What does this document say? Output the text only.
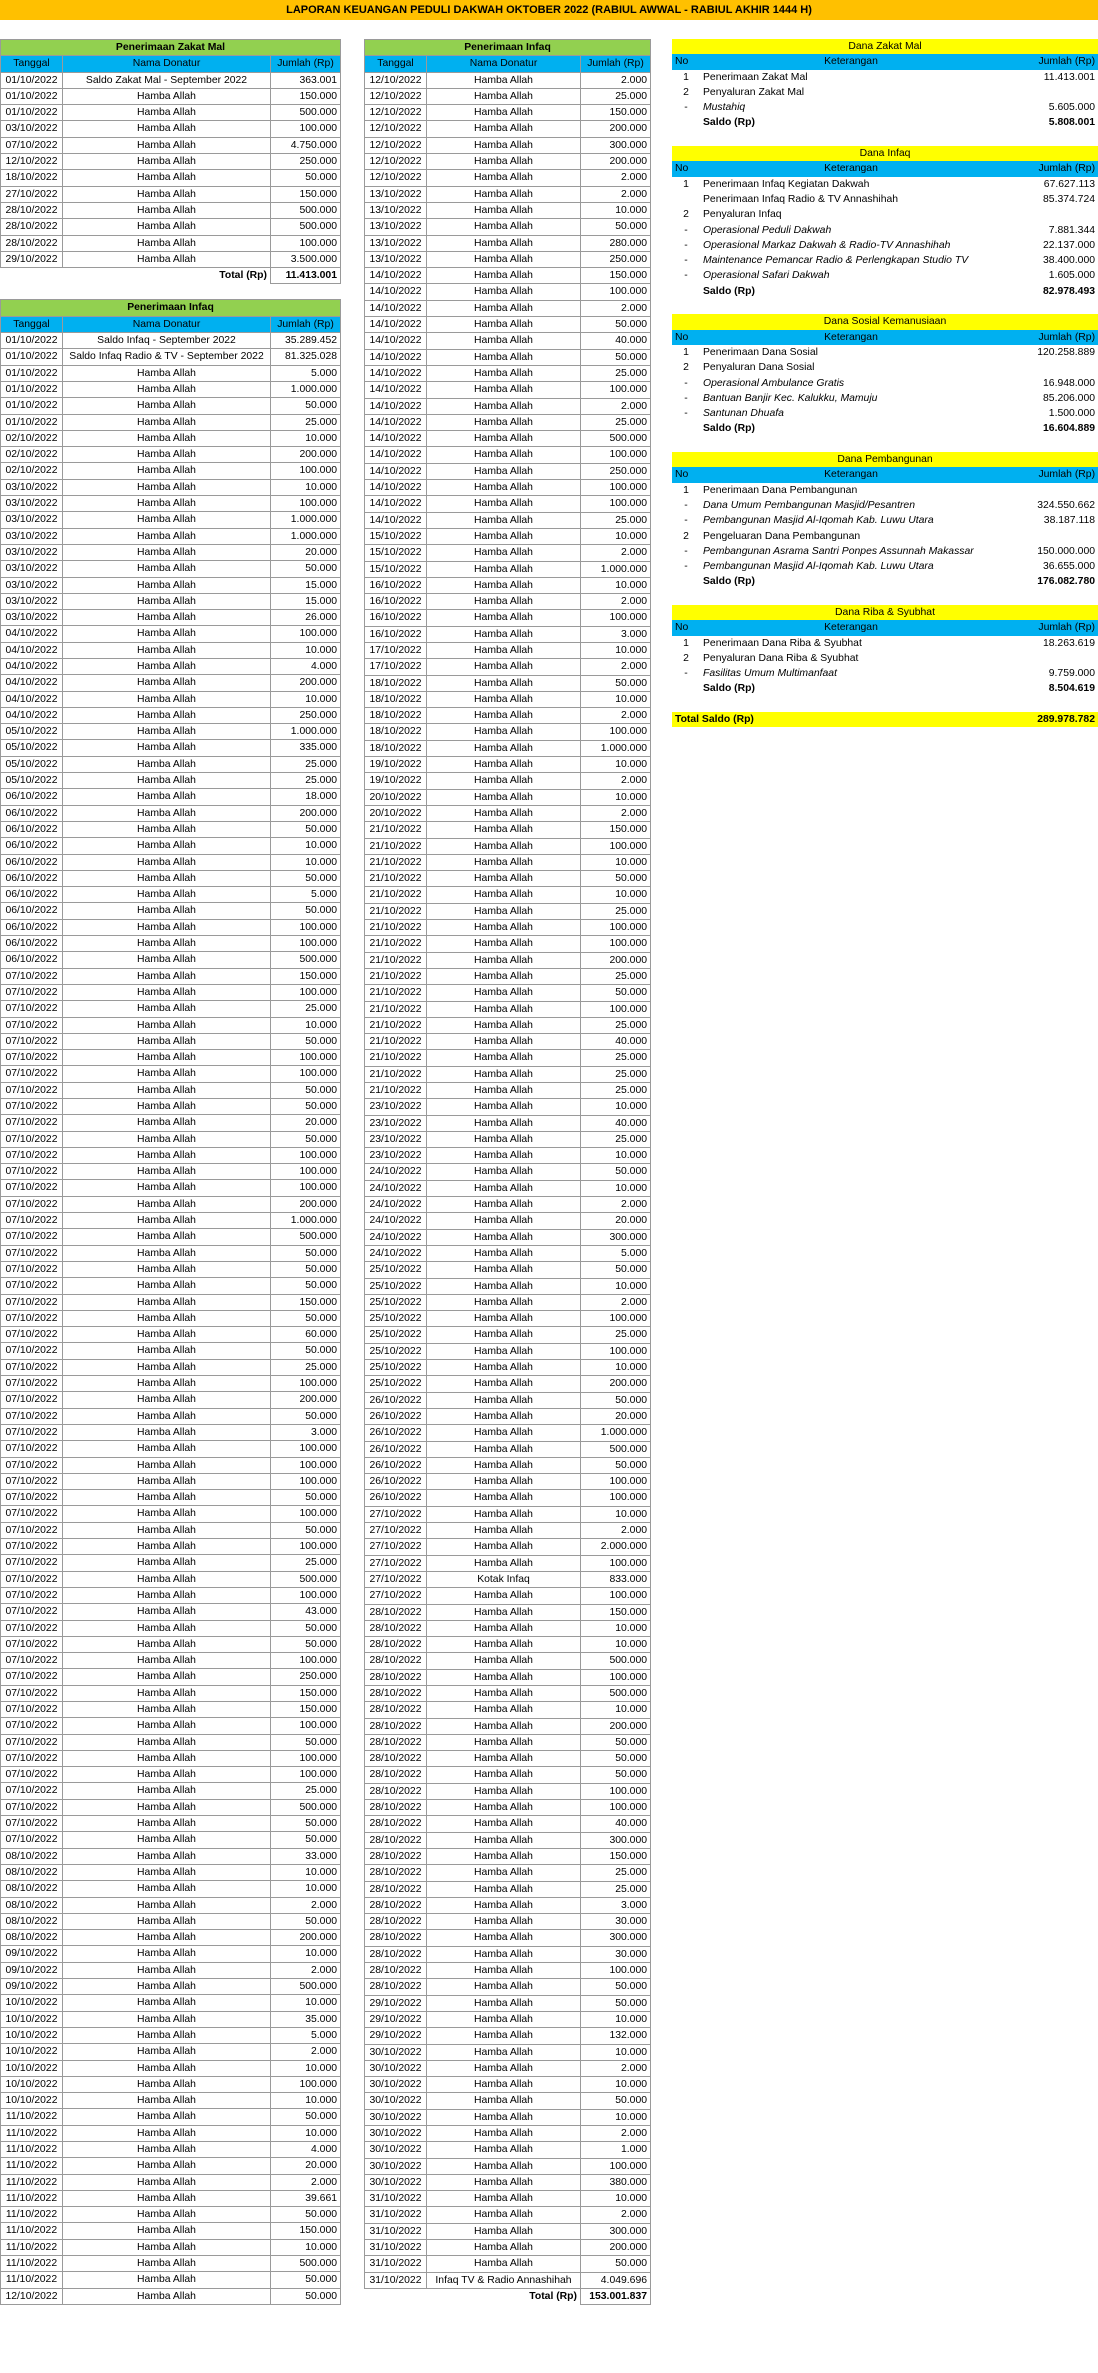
LAPORAN KEUANGAN PEDULI DAKWAH OKTOBER 2022 (RABIUL AWWAL - RABIUL AKHIR 1444 H)
Penerimaan Zakat Mal		
Tanggal	Nama Donatur	Jumlah (Rp)
01/10/2022	Saldo Zakat Mal - September 2022	363.001
01/10/2022	Hamba Allah	150.000
01/10/2022	Hamba Allah	500.000
03/10/2022	Hamba Allah	100.000
07/10/2022	Hamba Allah	4.750.000
12/10/2022	Hamba Allah	250.000
18/10/2022	Hamba Allah	50.000
27/10/2022	Hamba Allah	150.000
28/10/2022	Hamba Allah	500.000
28/10/2022	Hamba Allah	500.000
28/10/2022	Hamba Allah	100.000
29/10/2022	Hamba Allah	3.500.000
	Total (Rp)	11.413.001
Penerimaan Infaq		
Tanggal	Nama Donatur	Jumlah (Rp)
01/10/2022	Saldo Infaq - September 2022	35.289.452
01/10/2022	Saldo Infaq Radio & TV - September 2022	81.325.028
01/10/2022	Hamba Allah	5.000
01/10/2022	Hamba Allah	1.000.000
01/10/2022	Hamba Allah	50.000
01/10/2022	Hamba Allah	25.000
02/10/2022	Hamba Allah	10.000
02/10/2022	Hamba Allah	200.000
02/10/2022	Hamba Allah	100.000
03/10/2022	Hamba Allah	10.000
03/10/2022	Hamba Allah	100.000
03/10/2022	Hamba Allah	1.000.000
03/10/2022	Hamba Allah	1.000.000
03/10/2022	Hamba Allah	20.000
03/10/2022	Hamba Allah	50.000
03/10/2022	Hamba Allah	15.000
03/10/2022	Hamba Allah	15.000
03/10/2022	Hamba Allah	26.000
04/10/2022	Hamba Allah	100.000
04/10/2022	Hamba Allah	10.000
04/10/2022	Hamba Allah	4.000
04/10/2022	Hamba Allah	200.000
04/10/2022	Hamba Allah	10.000
04/10/2022	Hamba Allah	250.000
05/10/2022	Hamba Allah	1.000.000
05/10/2022	Hamba Allah	335.000
05/10/2022	Hamba Allah	25.000
05/10/2022	Hamba Allah	25.000
06/10/2022	Hamba Allah	18.000
06/10/2022	Hamba Allah	200.000
06/10/2022	Hamba Allah	50.000
06/10/2022	Hamba Allah	10.000
06/10/2022	Hamba Allah	10.000
06/10/2022	Hamba Allah	50.000
06/10/2022	Hamba Allah	5.000
06/10/2022	Hamba Allah	50.000
06/10/2022	Hamba Allah	100.000
06/10/2022	Hamba Allah	100.000
06/10/2022	Hamba Allah	500.000
07/10/2022	Hamba Allah	150.000
07/10/2022	Hamba Allah	100.000
07/10/2022	Hamba Allah	25.000
07/10/2022	Hamba Allah	10.000
07/10/2022	Hamba Allah	50.000
07/10/2022	Hamba Allah	100.000
07/10/2022	Hamba Allah	100.000
07/10/2022	Hamba Allah	50.000
07/10/2022	Hamba Allah	50.000
07/10/2022	Hamba Allah	20.000
07/10/2022	Hamba Allah	50.000
07/10/2022	Hamba Allah	100.000
07/10/2022	Hamba Allah	100.000
07/10/2022	Hamba Allah	100.000
07/10/2022	Hamba Allah	200.000
07/10/2022	Hamba Allah	1.000.000
07/10/2022	Hamba Allah	500.000
07/10/2022	Hamba Allah	50.000
07/10/2022	Hamba Allah	50.000
07/10/2022	Hamba Allah	50.000
07/10/2022	Hamba Allah	150.000
07/10/2022	Hamba Allah	50.000
07/10/2022	Hamba Allah	60.000
07/10/2022	Hamba Allah	50.000
07/10/2022	Hamba Allah	25.000
07/10/2022	Hamba Allah	100.000
07/10/2022	Hamba Allah	200.000
07/10/2022	Hamba Allah	50.000
07/10/2022	Hamba Allah	3.000
07/10/2022	Hamba Allah	100.000
07/10/2022	Hamba Allah	100.000
07/10/2022	Hamba Allah	100.000
07/10/2022	Hamba Allah	50.000
07/10/2022	Hamba Allah	100.000
07/10/2022	Hamba Allah	50.000
07/10/2022	Hamba Allah	100.000
07/10/2022	Hamba Allah	25.000
07/10/2022	Hamba Allah	500.000
07/10/2022	Hamba Allah	100.000
07/10/2022	Hamba Allah	43.000
07/10/2022	Hamba Allah	50.000
07/10/2022	Hamba Allah	50.000
07/10/2022	Hamba Allah	100.000
07/10/2022	Hamba Allah	250.000
07/10/2022	Hamba Allah	150.000
07/10/2022	Hamba Allah	150.000
07/10/2022	Hamba Allah	100.000
07/10/2022	Hamba Allah	50.000
07/10/2022	Hamba Allah	100.000
07/10/2022	Hamba Allah	100.000
07/10/2022	Hamba Allah	25.000
07/10/2022	Hamba Allah	500.000
07/10/2022	Hamba Allah	50.000
07/10/2022	Hamba Allah	50.000
08/10/2022	Hamba Allah	33.000
08/10/2022	Hamba Allah	10.000
08/10/2022	Hamba Allah	10.000
08/10/2022	Hamba Allah	2.000
08/10/2022	Hamba Allah	50.000
08/10/2022	Hamba Allah	200.000
09/10/2022	Hamba Allah	10.000
09/10/2022	Hamba Allah	2.000
09/10/2022	Hamba Allah	500.000
10/10/2022	Hamba Allah	10.000
10/10/2022	Hamba Allah	35.000
10/10/2022	Hamba Allah	5.000
10/10/2022	Hamba Allah	2.000
10/10/2022	Hamba Allah	10.000
10/10/2022	Hamba Allah	100.000
10/10/2022	Hamba Allah	10.000
11/10/2022	Hamba Allah	50.000
11/10/2022	Hamba Allah	10.000
11/10/2022	Hamba Allah	4.000
11/10/2022	Hamba Allah	20.000
11/10/2022	Hamba Allah	2.000
11/10/2022	Hamba Allah	39.661
11/10/2022	Hamba Allah	50.000
11/10/2022	Hamba Allah	150.000
11/10/2022	Hamba Allah	10.000
11/10/2022	Hamba Allah	500.000
11/10/2022	Hamba Allah	50.000
12/10/2022	Hamba Allah	50.000
Penerimaan Infaq		
Tanggal	Nama Donatur	Jumlah (Rp)
12/10/2022	Hamba Allah	2.000
12/10/2022	Hamba Allah	25.000
12/10/2022	Hamba Allah	150.000
12/10/2022	Hamba Allah	200.000
12/10/2022	Hamba Allah	300.000
12/10/2022	Hamba Allah	200.000
12/10/2022	Hamba Allah	2.000
13/10/2022	Hamba Allah	2.000
13/10/2022	Hamba Allah	10.000
13/10/2022	Hamba Allah	50.000
13/10/2022	Hamba Allah	280.000
13/10/2022	Hamba Allah	250.000
14/10/2022	Hamba Allah	150.000
14/10/2022	Hamba Allah	100.000
14/10/2022	Hamba Allah	2.000
14/10/2022	Hamba Allah	50.000
14/10/2022	Hamba Allah	40.000
14/10/2022	Hamba Allah	50.000
14/10/2022	Hamba Allah	25.000
14/10/2022	Hamba Allah	100.000
14/10/2022	Hamba Allah	2.000
14/10/2022	Hamba Allah	25.000
14/10/2022	Hamba Allah	500.000
14/10/2022	Hamba Allah	100.000
14/10/2022	Hamba Allah	250.000
14/10/2022	Hamba Allah	100.000
14/10/2022	Hamba Allah	100.000
14/10/2022	Hamba Allah	25.000
15/10/2022	Hamba Allah	10.000
15/10/2022	Hamba Allah	2.000
15/10/2022	Hamba Allah	1.000.000
16/10/2022	Hamba Allah	10.000
16/10/2022	Hamba Allah	2.000
16/10/2022	Hamba Allah	100.000
16/10/2022	Hamba Allah	3.000
17/10/2022	Hamba Allah	10.000
17/10/2022	Hamba Allah	2.000
18/10/2022	Hamba Allah	50.000
18/10/2022	Hamba Allah	10.000
18/10/2022	Hamba Allah	2.000
18/10/2022	Hamba Allah	100.000
18/10/2022	Hamba Allah	1.000.000
19/10/2022	Hamba Allah	10.000
19/10/2022	Hamba Allah	2.000
20/10/2022	Hamba Allah	10.000
20/10/2022	Hamba Allah	2.000
21/10/2022	Hamba Allah	150.000
21/10/2022	Hamba Allah	100.000
21/10/2022	Hamba Allah	10.000
21/10/2022	Hamba Allah	50.000
21/10/2022	Hamba Allah	10.000
21/10/2022	Hamba Allah	25.000
21/10/2022	Hamba Allah	100.000
21/10/2022	Hamba Allah	100.000
21/10/2022	Hamba Allah	200.000
21/10/2022	Hamba Allah	25.000
21/10/2022	Hamba Allah	50.000
21/10/2022	Hamba Allah	100.000
21/10/2022	Hamba Allah	25.000
21/10/2022	Hamba Allah	40.000
21/10/2022	Hamba Allah	25.000
21/10/2022	Hamba Allah	25.000
21/10/2022	Hamba Allah	25.000
23/10/2022	Hamba Allah	10.000
23/10/2022	Hamba Allah	40.000
23/10/2022	Hamba Allah	25.000
23/10/2022	Hamba Allah	10.000
24/10/2022	Hamba Allah	50.000
24/10/2022	Hamba Allah	10.000
24/10/2022	Hamba Allah	2.000
24/10/2022	Hamba Allah	20.000
24/10/2022	Hamba Allah	300.000
24/10/2022	Hamba Allah	5.000
25/10/2022	Hamba Allah	50.000
25/10/2022	Hamba Allah	10.000
25/10/2022	Hamba Allah	2.000
25/10/2022	Hamba Allah	100.000
25/10/2022	Hamba Allah	25.000
25/10/2022	Hamba Allah	100.000
25/10/2022	Hamba Allah	10.000
25/10/2022	Hamba Allah	200.000
26/10/2022	Hamba Allah	50.000
26/10/2022	Hamba Allah	20.000
26/10/2022	Hamba Allah	1.000.000
26/10/2022	Hamba Allah	500.000
26/10/2022	Hamba Allah	50.000
26/10/2022	Hamba Allah	100.000
26/10/2022	Hamba Allah	100.000
27/10/2022	Hamba Allah	10.000
27/10/2022	Hamba Allah	2.000
27/10/2022	Hamba Allah	2.000.000
27/10/2022	Hamba Allah	100.000
27/10/2022	Kotak Infaq	833.000
27/10/2022	Hamba Allah	100.000
28/10/2022	Hamba Allah	150.000
28/10/2022	Hamba Allah	10.000
28/10/2022	Hamba Allah	10.000
28/10/2022	Hamba Allah	500.000
28/10/2022	Hamba Allah	100.000
28/10/2022	Hamba Allah	500.000
28/10/2022	Hamba Allah	10.000
28/10/2022	Hamba Allah	200.000
28/10/2022	Hamba Allah	50.000
28/10/2022	Hamba Allah	50.000
28/10/2022	Hamba Allah	50.000
28/10/2022	Hamba Allah	100.000
28/10/2022	Hamba Allah	100.000
28/10/2022	Hamba Allah	40.000
28/10/2022	Hamba Allah	300.000
28/10/2022	Hamba Allah	150.000
28/10/2022	Hamba Allah	25.000
28/10/2022	Hamba Allah	25.000
28/10/2022	Hamba Allah	3.000
28/10/2022	Hamba Allah	30.000
28/10/2022	Hamba Allah	300.000
28/10/2022	Hamba Allah	30.000
28/10/2022	Hamba Allah	100.000
28/10/2022	Hamba Allah	50.000
29/10/2022	Hamba Allah	50.000
29/10/2022	Hamba Allah	10.000
29/10/2022	Hamba Allah	132.000
30/10/2022	Hamba Allah	10.000
30/10/2022	Hamba Allah	2.000
30/10/2022	Hamba Allah	10.000
30/10/2022	Hamba Allah	50.000
30/10/2022	Hamba Allah	10.000
30/10/2022	Hamba Allah	2.000
30/10/2022	Hamba Allah	1.000
30/10/2022	Hamba Allah	100.000
30/10/2022	Hamba Allah	380.000
31/10/2022	Hamba Allah	10.000
31/10/2022	Hamba Allah	2.000
31/10/2022	Hamba Allah	300.000
31/10/2022	Hamba Allah	200.000
31/10/2022	Hamba Allah	50.000
31/10/2022	Infaq TV & Radio Annashihah	4.049.696
	Total (Rp)	153.001.837
Dana Zakat Mal		
No	Keterangan	Jumlah (Rp)
1	Penerimaan Zakat Mal	11.413.001
2	Penyaluran Zakat Mal	
-	Mustahiq	5.605.000
	Saldo (Rp)	5.808.001
Dana Infaq		
No	Keterangan	Jumlah (Rp)
1	Penerimaan Infaq Kegiatan Dakwah	67.627.113
	Penerimaan Infaq Radio & TV Annashihah	85.374.724
2	Penyaluran Infaq	
-	Operasional Peduli Dakwah	7.881.344
-	Operasional Markaz Dakwah & Radio-TV Annashihah	22.137.000
-	Maintenance Pemancar Radio & Perlengkapan Studio TV	38.400.000
-	Operasional Safari Dakwah	1.605.000
	Saldo (Rp)	82.978.493
Dana Sosial Kemanusiaan		
No	Keterangan	Jumlah (Rp)
1	Penerimaan Dana Sosial	120.258.889
2	Penyaluran Dana Sosial	
-	Operasional Ambulance Gratis	16.948.000
-	Bantuan Banjir Kec. Kalukku, Mamuju	85.206.000
-	Santunan Dhuafa	1.500.000
	Saldo (Rp)	16.604.889
Dana Pembangunan		
No	Keterangan	Jumlah (Rp)
1	Penerimaan Dana Pembangunan	
-	Dana Umum Pembangunan Masjid/Pesantren	324.550.662
-	Pembangunan Masjid Al-Iqomah Kab. Luwu Utara	38.187.118
2	Pengeluaran Dana Pembangunan	
-	Pembangunan Asrama Santri Ponpes Assunnah Makassar	150.000.000
-	Pembangunan Masjid Al-Iqomah Kab. Luwu Utara	36.655.000
	Saldo (Rp)	176.082.780
Dana Riba & Syubhat		
No	Keterangan	Jumlah (Rp)
1	Penerimaan Dana Riba & Syubhat	18.263.619
2	Penyaluran Dana Riba & Syubhat	
-	Fasilitas Umum Multimanfaat	9.759.000
	Saldo (Rp)	8.504.619
Total Saldo (Rp)	289.978.782
